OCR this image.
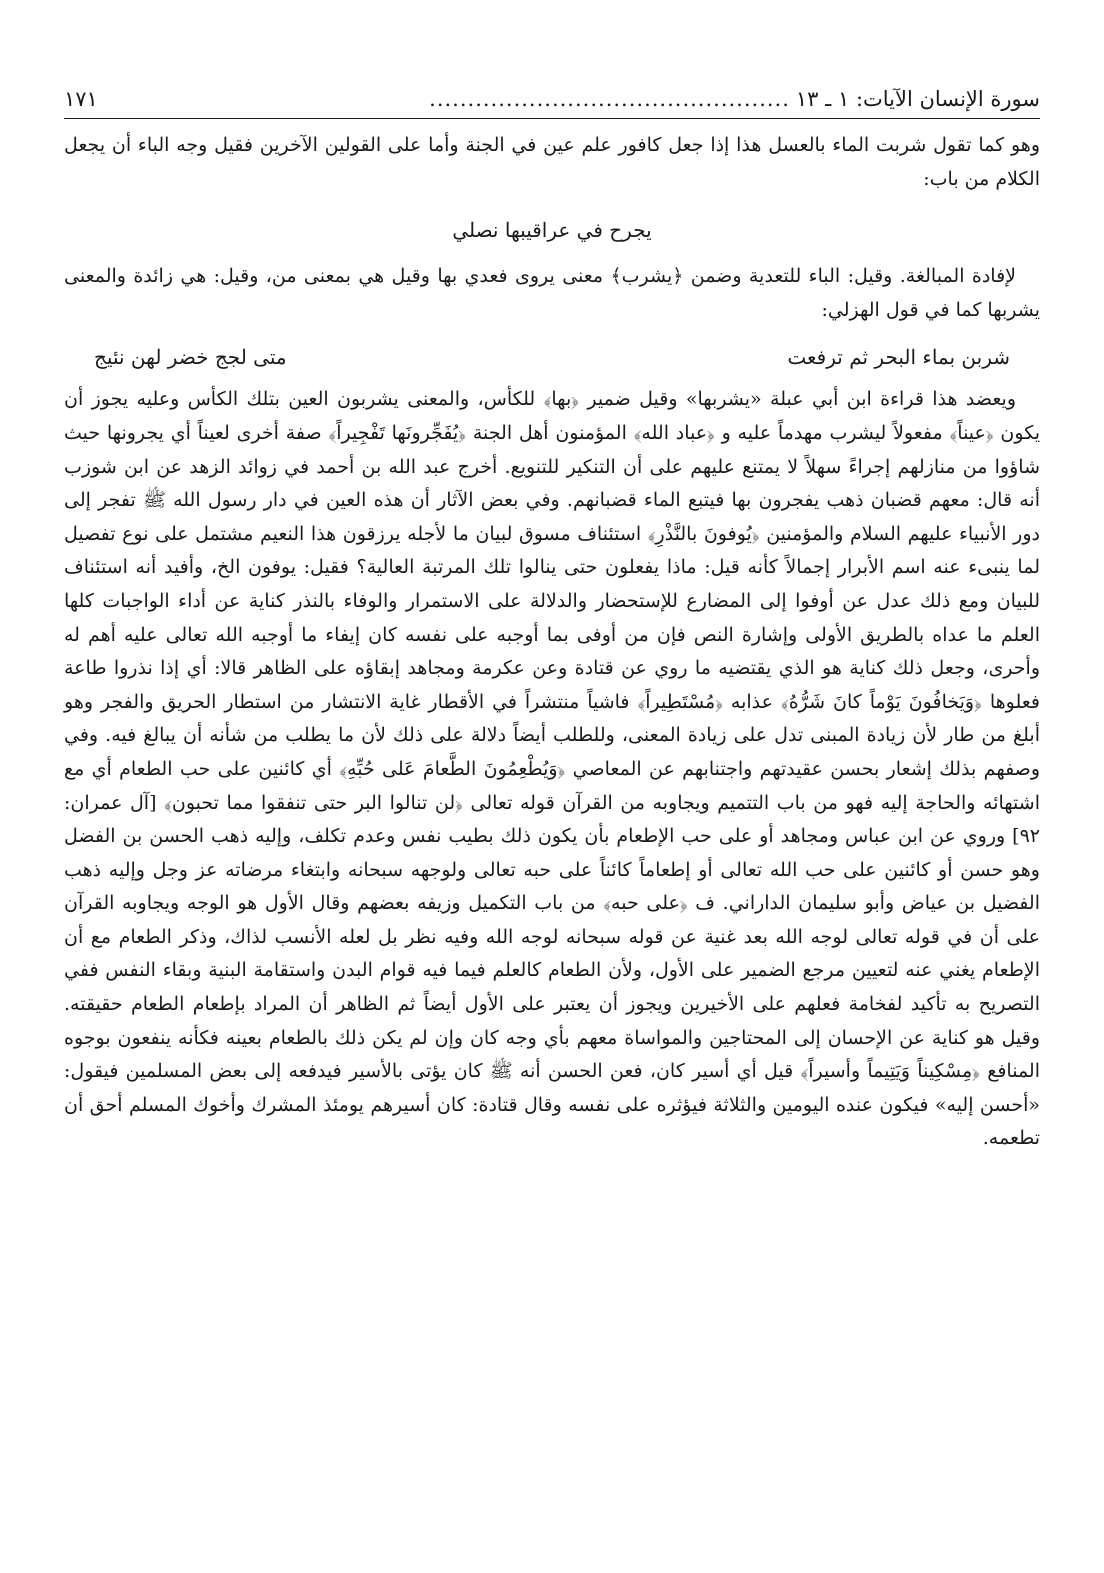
سورة الإنسان الآيات: ١ ـ ١٣
...............................................
١٧١

وهو كما تقول شربت الماء بالعسل هذا إذا جعل كافور علم عين في الجنة وأما على القولين الآخرين فقيل وجه الباء أن يجعل الكلام من باب:

يجرح في عراقيبها نصلي

لإفادة المبالغة. وقيل: الباء للتعدية وضمن ﴿يشرب﴾ معنى يروى فعدي بها وقيل هي بمعنى من، وقيل: هي زائدة والمعنى يشربها كما في قول الهزلي:

شربن بماء البحر ثم ترفعت
متى لجج خضر لهن نئيج

ويعضد هذا قراءة ابن أبي عبلة «يشربها» وقيل ضمير ﴿بها﴾ للكأس، والمعنى يشربون العين بتلك الكأس وعليه يجوز أن يكون ﴿عيناً﴾ مفعولاً ليشرب مهدماً عليه و ﴿عباد الله﴾ المؤمنون أهل الجنة ﴿يُفَجِّرونَها تَفْجِيراً﴾ صفة أخرى لعيناً أي يجرونها حيث شاؤوا من منازلهم إجراءً سهلاً لا يمتنع عليهم على أن التنكير للتنويع. أخرج عبد الله بن أحمد في زوائد الزهد عن ابن شوزب أنه قال: معهم قضبان ذهب يفجرون بها فيتبع الماء قضبانهم. وفي بعض الآثار أن هذه العين في دار رسول الله ﷺ تفجر إلى دور الأنبياء عليهم السلام والمؤمنين ﴿يُوفونَ بالنَّذْرِ﴾ استئناف مسوق لبيان ما لأجله يرزقون هذا النعيم مشتمل على نوع تفصيل لما ينبىء عنه اسم الأبرار إجمالاً كأنه قيل: ماذا يفعلون حتى ينالوا تلك المرتبة العالية؟ فقيل: يوفون الخ، وأفيد أنه استئناف للبيان ومع ذلك عدل عن أوفوا إلى المضارع للإستحضار والدلالة على الاستمرار والوفاء بالنذر كناية عن أداء الواجبات كلها العلم ما عداه بالطريق الأولى وإشارة النص فإن من أوفى بما أوجبه على نفسه كان إيفاء ما أوجبه الله تعالى عليه أهم له وأحرى، وجعل ذلك كناية هو الذي يقتضيه ما روي عن قتادة وعن عكرمة ومجاهد إبقاؤه على الظاهر قالا: أي إذا نذروا طاعة فعلوها ﴿وَيَخافُونَ يَوْماً كانَ شَرُّهُ﴾ عذابه ﴿مُسْتَطِيراً﴾ فاشياً منتشراً في الأقطار غاية الانتشار من استطار الحريق والفجر وهو أبلغ من طار لأن زيادة المبنى تدل على زيادة المعنى، وللطلب أيضاً دلالة على ذلك لأن ما يطلب من شأنه أن يبالغ فيه. وفي وصفهم بذلك إشعار بحسن عقيدتهم واجتنابهم عن المعاصي ﴿وَيُطْعِمُونَ الطَّعامَ عَلى حُبِّهِ﴾ أي كائنين على حب الطعام أي مع اشتهائه والحاجة إليه فهو من باب التتميم ويجاوبه من القرآن قوله تعالى ﴿لن تنالوا البر حتى تنفقوا مما تحبون﴾ [آل عمران: ٩٢] وروي عن ابن عباس ومجاهد أو على حب الإطعام بأن يكون ذلك بطيب نفس وعدم تكلف، وإليه ذهب الحسن بن الفضل وهو حسن أو كائنين على حب الله تعالى أو إطعاماً كائناً على حبه تعالى ولوجهه سبحانه وابتغاء مرضاته عز وجل وإليه ذهب الفضيل بن عياض وأبو سليمان الداراني. ف ﴿على حبه﴾ من باب التكميل وزيفه بعضهم وقال الأول هو الوجه ويجاوبه القرآن على أن في قوله تعالى لوجه الله بعد غنية عن قوله سبحانه لوجه الله وفيه نظر بل لعله الأنسب لذاك، وذكر الطعام مع أن الإطعام يغني عنه لتعيين مرجع الضمير على الأول، ولأن الطعام كالعلم فيما فيه قوام البدن واستقامة البنية وبقاء النفس ففي التصريح به تأكيد لفخامة فعلهم على الأخيرين ويجوز أن يعتبر على الأول أيضاً ثم الظاهر أن المراد بإطعام الطعام حقيقته. وقيل هو كناية عن الإحسان إلى المحتاجين والمواساة معهم بأي وجه كان وإن لم يكن ذلك بالطعام بعينه فكأنه ينفعون بوجوه المنافع ﴿مِسْكِيناً وَيَتِيماً وأسيراً﴾ قيل أي أسير كان، فعن الحسن أنه ﷺ كان يؤتى بالأسير فيدفعه إلى بعض المسلمين فيقول: «أحسن إليه» فيكون عنده اليومين والثلاثة فيؤثره على نفسه وقال قتادة: كان أسيرهم يومئذ المشرك وأخوك المسلم أحق أن تطعمه.
